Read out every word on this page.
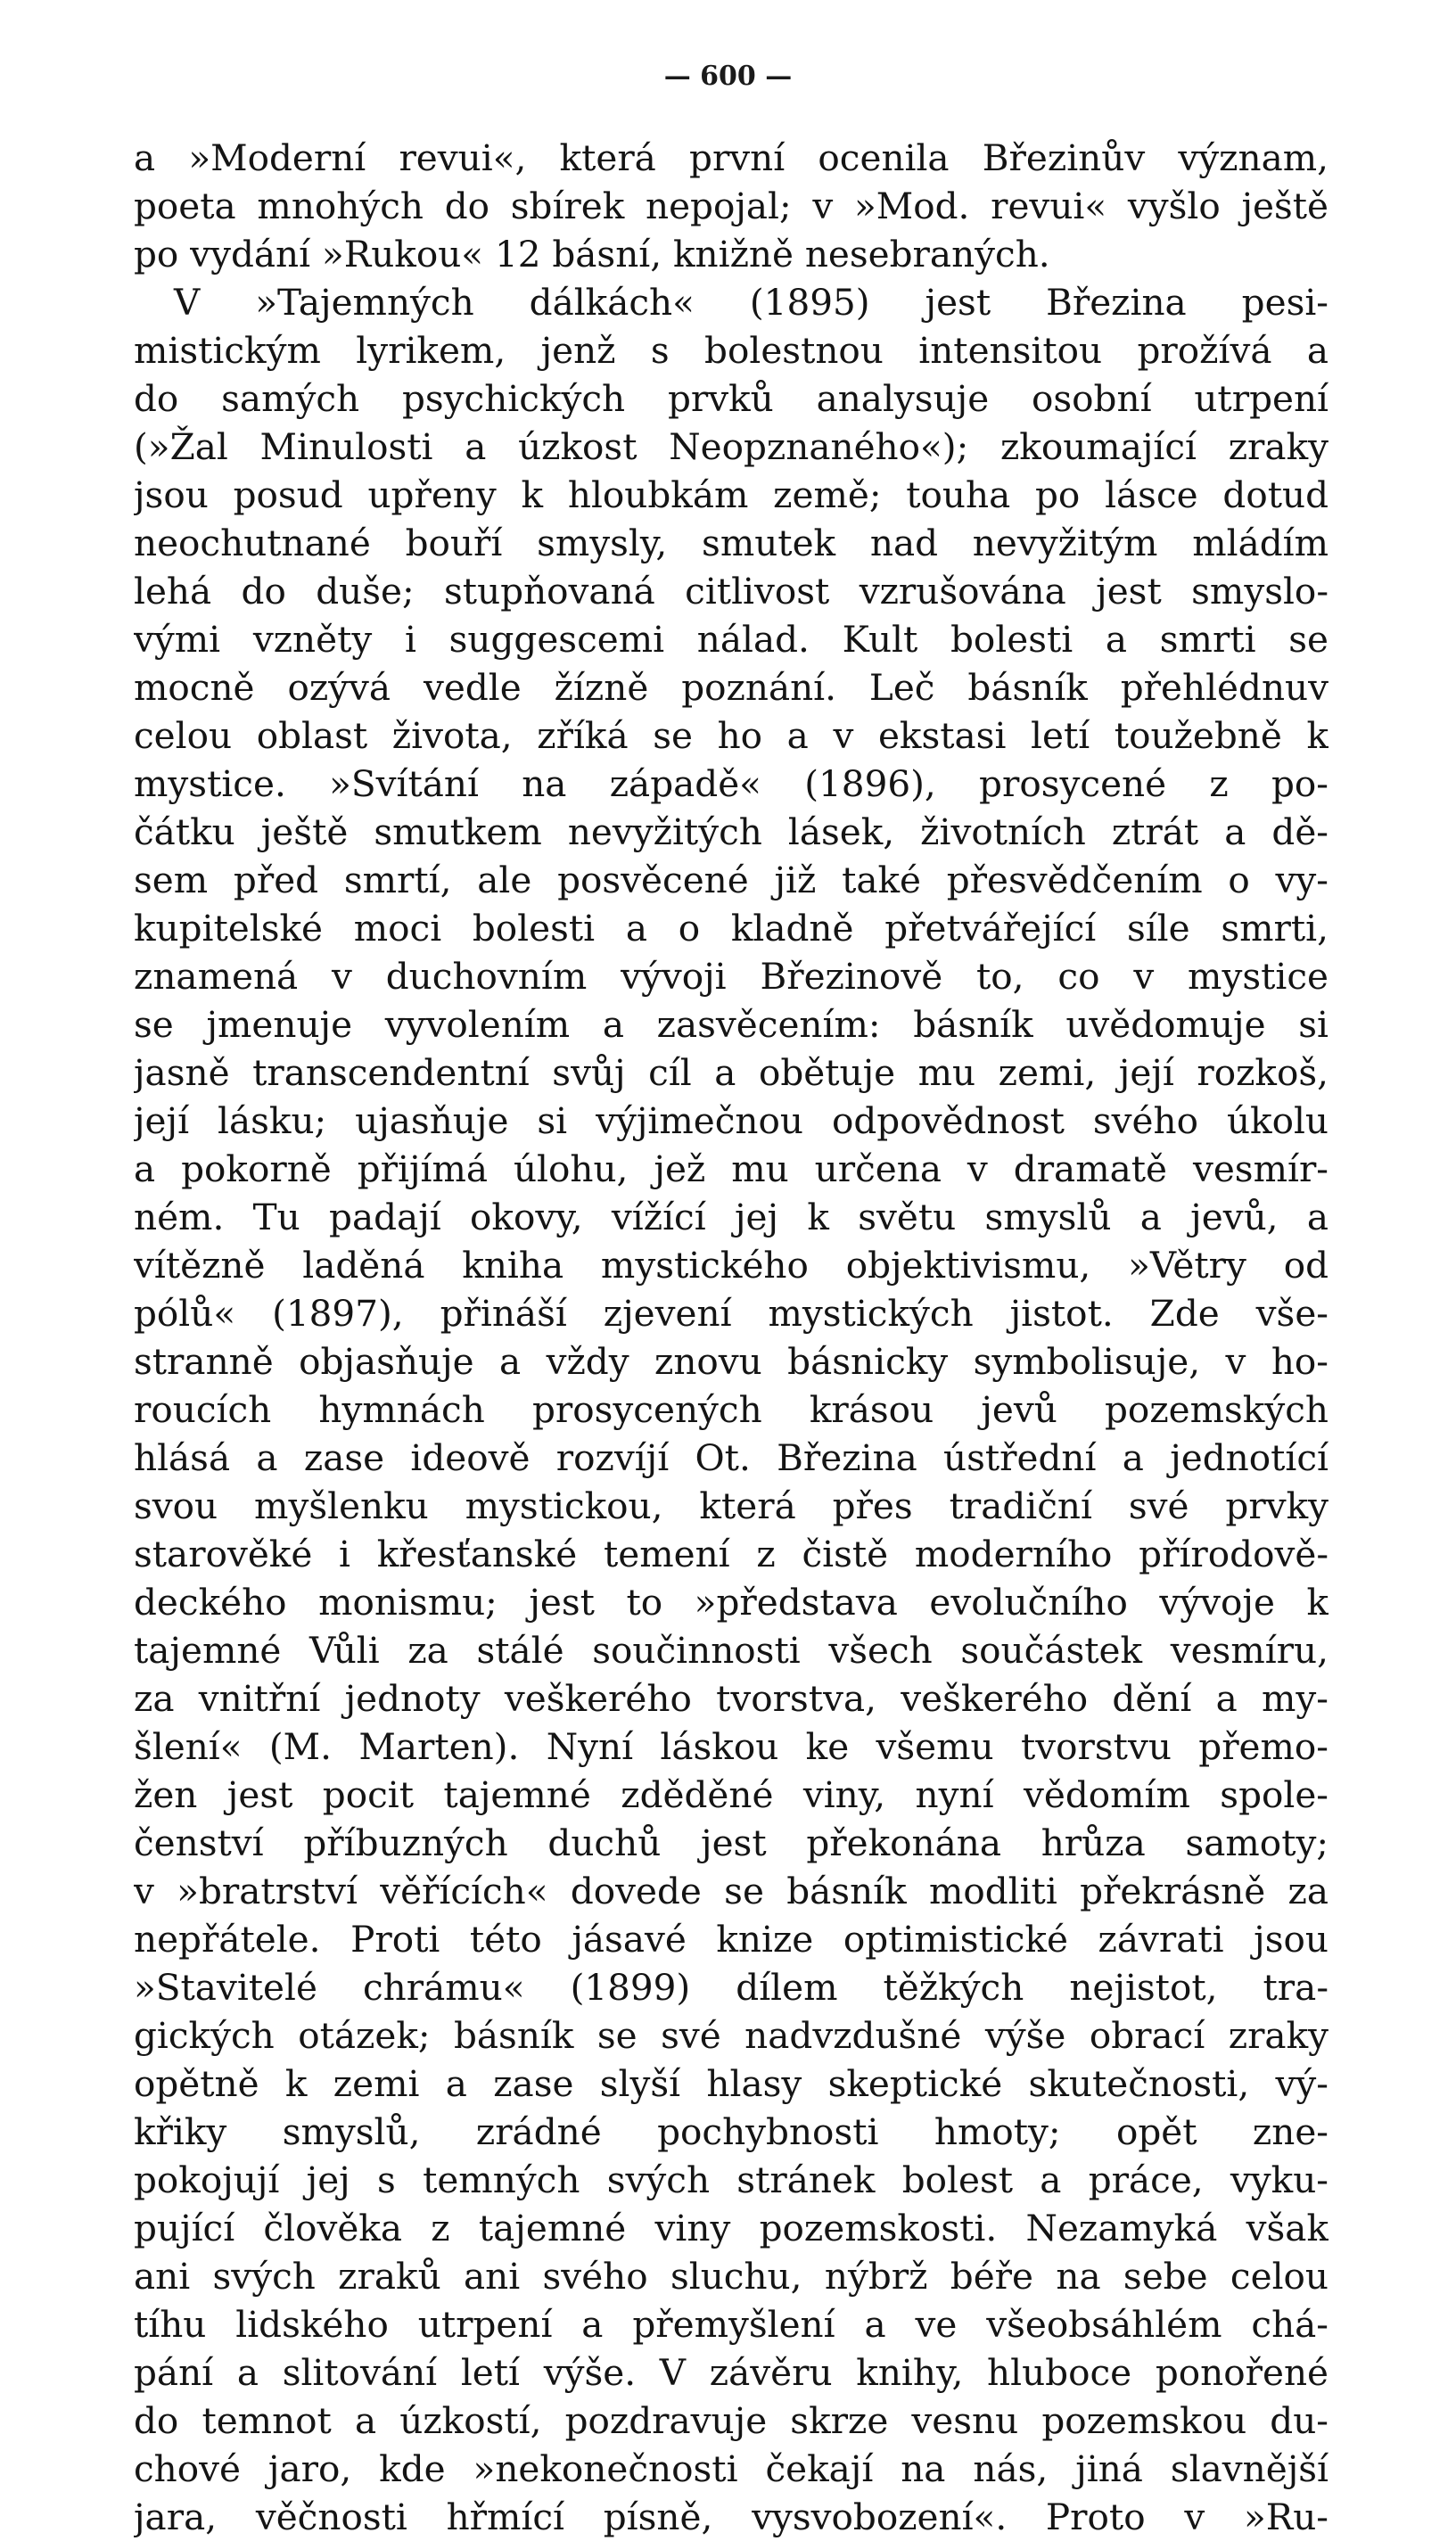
— 600 —
a »Moderní revui«, která první ocenila Březinův význam,
poeta mnohých do sbírek nepojal; v »Mod. revui« vyšlo ještě
po vydání »Rukou« 12 básní, knižně nesebraných.
V »Tajemných dálkách« (1895) jest Březina pesi-
mistickým lyrikem, jenž s bolestnou intensitou prožívá a
do samých psychických prvků analysuje osobní utrpení
(»Žal Minulosti a úzkost Neopznaného«); zkoumající zraky
jsou posud upřeny k hloubkám země; touha po lásce dotud
neochutnané bouří smysly, smutek nad nevyžitým mládím
lehá do duše; stupňovaná citlivost vzrušována jest smyslo-
vými vzněty i suggescemi nálad. Kult bolesti a smrti se
mocně ozývá vedle žízně poznání. Leč básník přehlédnuv
celou oblast života, zříká se ho a v ekstasi letí toužebně k
mystice. »Svítání na západě« (1896), prosycené z po-
čátku ještě smutkem nevyžitých lásek, životních ztrát a dě-
sem před smrtí, ale posvěcené již také přesvědčením o vy-
kupitelské moci bolesti a o kladně přetvářející síle smrti,
znamená v duchovním vývoji Březinově to, co v mystice
se jmenuje vyvolením a zasvěcením: básník uvědomuje si
jasně transcendentní svůj cíl a obětuje mu zemi, její rozkoš,
její lásku; ujasňuje si výjimečnou odpovědnost svého úkolu
a pokorně přijímá úlohu, jež mu určena v dramatě vesmír-
ném. Tu padají okovy, vížící jej k světu smyslů a jevů, a
vítězně laděná kniha mystického objektivismu, »Větry od
pólů« (1897), přináší zjevení mystických jistot. Zde vše-
stranně objasňuje a vždy znovu básnicky symbolisuje, v ho-
roucích hymnách prosycených krásou jevů pozemských
hlásá a zase ideově rozvíjí Ot. Březina ústřední a jednotící
svou myšlenku mystickou, která přes tradiční své prvky
starověké i křesťanské temení z čistě moderního přírodově-
deckého monismu; jest to »představa evolučního vývoje k
tajemné Vůli za stálé součinnosti všech součástek vesmíru,
za vnitřní jednoty veškerého tvorstva, veškerého dění a my-
šlení« (M. Marten). Nyní láskou ke všemu tvorstvu přemo-
žen jest pocit tajemné zděděné viny, nyní vědomím spole-
čenství příbuzných duchů jest překonána hrůza samoty;
v »bratrství věřících« dovede se básník modliti překrásně za
nepřátele. Proti této jásavé knize optimistické závrati jsou
»Stavitelé chrámu« (1899) dílem těžkých nejistot, tra-
gických otázek; básník se své nadvzdušné výše obrací zraky
opětně k zemi a zase slyší hlasy skeptické skutečnosti, vý-
křiky smyslů, zrádné pochybnosti hmoty; opět zne-
pokojují jej s temných svých stránek bolest a práce, vyku-
pující člověka z tajemné viny pozemskosti. Nezamyká však
ani svých zraků ani svého sluchu, nýbrž béře na sebe celou
tíhu lidského utrpení a přemyšlení a ve všeobsáhlém chá-
pání a slitování letí výše. V závěru knihy, hluboce ponořené
do temnot a úzkostí, pozdravuje skrze vesnu pozemskou du-
chové jaro, kde »nekonečnosti čekají na nás, jiná slavnější
jara, věčnosti hřmící písně, vysvobození«. Proto v »Ru-
